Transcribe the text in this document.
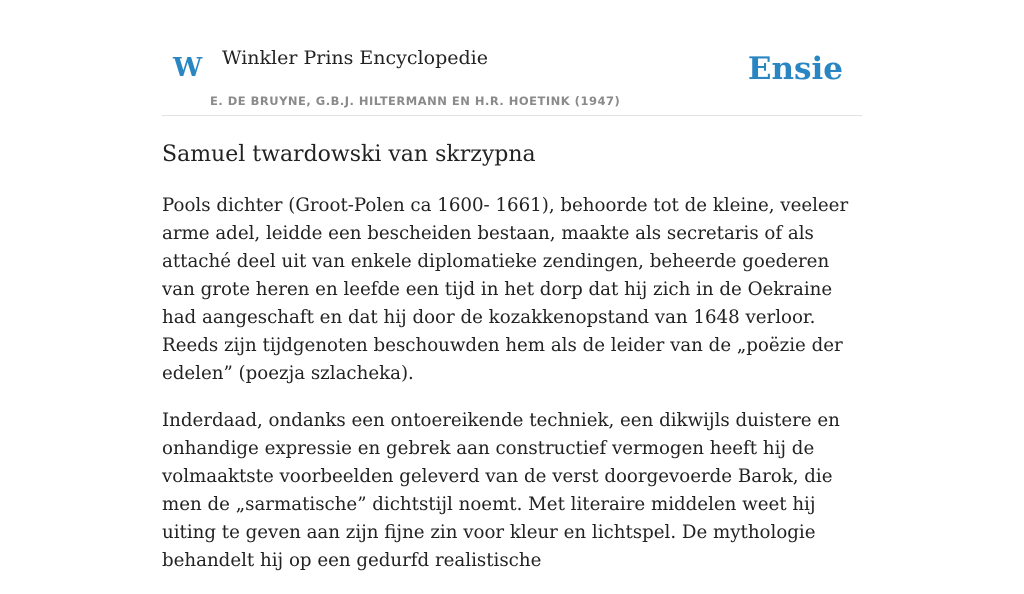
W Winkler Prins Encyclopedie
E. DE BRUYNE, G.B.J. HILTERMANN EN H.R. HOETINK (1947)
Ensie
Samuel twardowski van skrzypna

Pools dichter (Groot-Polen ca 1600- 1661), behoorde tot de kleine, veeleer arme adel, leidde een bescheiden bestaan, maakte als secretaris of als attaché deel uit van enkele diplomatieke zendingen, beheerde goederen van grote heren en leefde een tijd in het dorp dat hij zich in de Oekraine had aangeschaft en dat hij door de kozakkenopstand van 1648 verloor. Reeds zijn tijdgenoten beschouwden hem als de leider van de „poëzie der edelen” (poezja szlacheka).

Inderdaad, ondanks een ontoereikende techniek, een dikwijls duistere en onhandige expressie en gebrek aan constructief vermogen heeft hij de volmaaktste voorbeelden geleverd van de verst doorgevoerde Barok, die men de „sarmatische” dichtstijl noemt. Met literaire middelen weet hij uiting te geven aan zijn fijne zin voor kleur en lichtspel. De mythologie behandelt hij op een gedurfd realistische
